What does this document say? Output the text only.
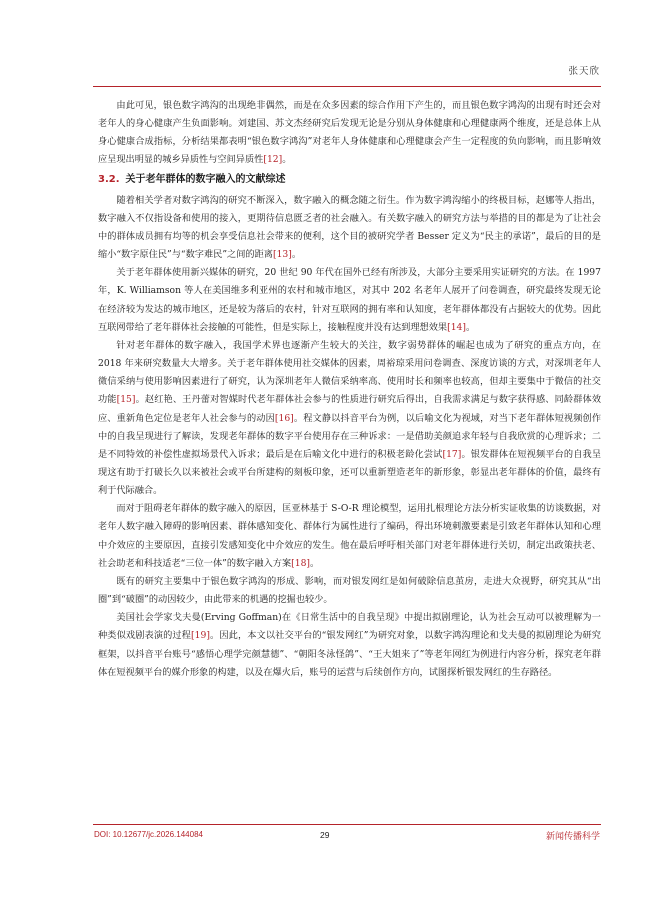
张天欣

由此可见，银色数字鸿沟的出现绝非偶然，而是在众多因素的综合作用下产生的，而且银色数字鸿沟的出现有时还会对老年人的身心健康产生负面影响。刘建国、苏文杰经研究后发现无论是分别从身体健康和心理健康两个维度，还是总体上从身心健康合成指标，分析结果都表明“银色数字鸿沟”对老年人身体健康和心理健康会产生一定程度的负向影响，而且影响效应呈现出明显的城乡异质性与空间异质性[12]。

3.2. 关于老年群体的数字融入的文献综述

随着相关学者对数字鸿沟的研究不断深入，数字融入的概念随之衍生。作为数字鸿沟缩小的终极目标，赵娜等人指出，数字融入不仅指设备和使用的接入，更期待信息匮乏者的社会融入。有关数字融入的研究方法与举措的目的都是为了让社会中的群体成员拥有均等的机会享受信息社会带来的便利，这个目的被研究学者 Besser 定义为“民主的承诺”，最后的目的是缩小“数字原住民”与“数字难民”之间的距离[13]。

关于老年群体使用新兴媒体的研究，20 世纪 90 年代在国外已经有所涉及，大部分主要采用实证研究的方法。在 1997 年，K. Williamson 等人在美国维多利亚州的农村和城市地区，对其中 202 名老年人展开了问卷调查，研究最终发现无论在经济较为发达的城市地区，还是较为落后的农村，针对互联网的拥有率和认知度，老年群体都没有占据较大的优势。因此互联网带给了老年群体社会接触的可能性，但是实际上，接触程度并没有达到理想效果[14]。

针对老年群体的数字融入，我国学术界也逐渐产生较大的关注，数字弱势群体的崛起也成为了研究的重点方向，在 2018 年来研究数量大大增多。关于老年群体使用社交媒体的因素，周裕琼采用问卷调查、深度访谈的方式，对深圳老年人微信采纳与使用影响因素进行了研究，认为深圳老年人微信采纳率高、使用时长和频率也较高，但却主要集中于微信的社交功能[15]。赵红艳、王丹蕾对智媒时代老年群体社会参与的性质进行研究后得出，自我需求满足与数字获得感、同龄群体效应、重新角色定位是老年人社会参与的动因[16]。程文静以抖音平台为例，以后喻文化为视域，对当下老年群体短视频创作中的自我呈现进行了解读，发现老年群体的数字平台使用存在三种诉求：一是借助美颜追求年轻与自我欣赏的心理诉求；二是不同特效的补偿性虚拟场景代入诉求；最后是在后喻文化中进行的积极老龄化尝试[17]。银发群体在短视频平台的自我呈现这有助于打破长久以来被社会或平台所建构的刻板印象，还可以重新塑造老年的新形象，彰显出老年群体的价值，最终有利于代际融合。

而对于阻碍老年群体的数字融入的原因，匡亚林基于 S-O-R 理论模型，运用扎根理论方法分析实证收集的访谈数据，对老年人数字融入障碍的影响因素、群体感知变化、群体行为属性进行了编码，得出环境刺激要素是引致老年群体认知和心理中介效应的主要原因，直接引发感知变化中介效应的发生。他在最后呼吁相关部门对老年群体进行关切，制定出政策扶老、社会助老和科技适老“三位一体”的数字融入方案[18]。

既有的研究主要集中于银色数字鸿沟的形成、影响，而对银发网红是如何破除信息茧房，走进大众视野，研究其从“出圈”到“破圈”的动因较少，由此带来的机遇的挖掘也较少。

美国社会学家戈夫曼(Erving Goffman)在《日常生活中的自我呈现》中提出拟剧理论，认为社会互动可以被理解为一种类似戏剧表演的过程[19]。因此，本文以社交平台的“银发网红”为研究对象，以数字鸿沟理论和戈夫曼的拟剧理论为研究框架，以抖音平台账号“感悟心理学完颜慧德”、“朝阳冬泳怪鸽”、“王大姐来了”等老年网红为例进行内容分析，探究老年群体在短视频平台的媒介形象的构建，以及在爆火后，账号的运营与后续创作方向，试图探析银发网红的生存路径。

DOI: 10.12677/jc.2026.144084	29	新闻传播科学
